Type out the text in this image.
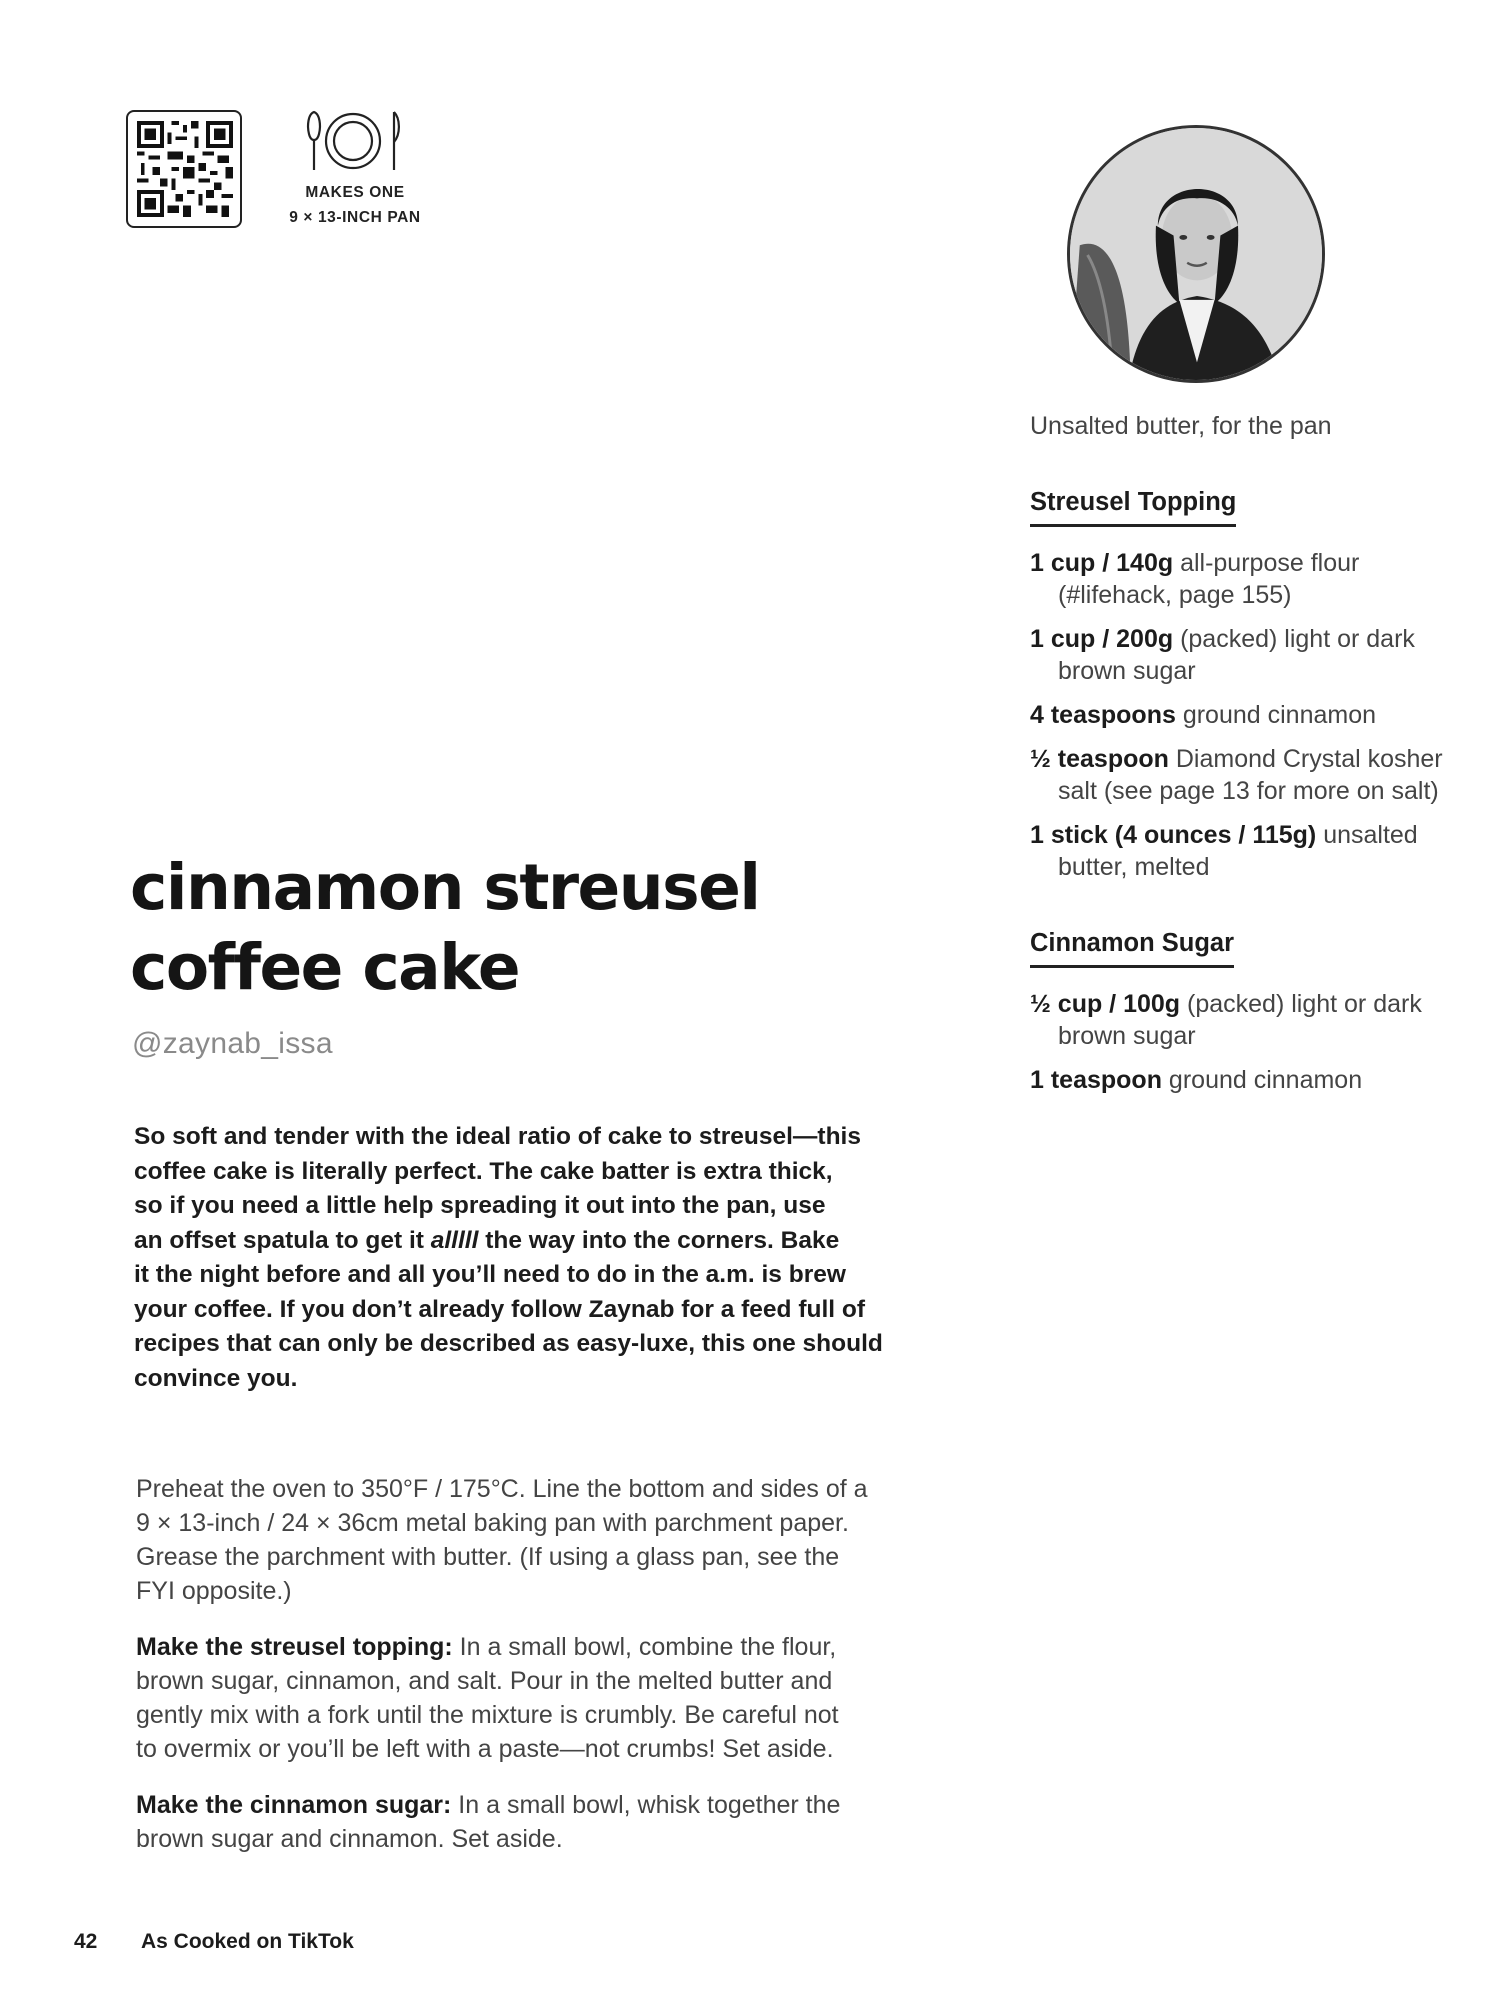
MAKES ONE
9 × 13-INCH PAN
Unsalted butter, for the pan
Streusel Topping
1 cup / 140g all-purpose flour (#lifehack, page 155)
1 cup / 200g (packed) light or dark brown sugar
4 teaspoons ground cinnamon
½ teaspoon Diamond Crystal kosher salt (see page 13 for more on salt)
1 stick (4 ounces / 115g) unsalted butter, melted
Cinnamon Sugar
½ cup / 100g (packed) light or dark brown sugar
1 teaspoon ground cinnamon
cinnamon streusel
coffee cake
@zaynab_issa
So soft and tender with the ideal ratio of cake to streusel—this
coffee cake is literally perfect. The cake batter is extra thick,
so if you need a little help spreading it out into the pan, use
an offset spatula to get it alllll the way into the corners. Bake
it the night before and all you’ll need to do in the a.m. is brew
your coffee. If you don’t already follow Zaynab for a feed full of
recipes that can only be described as easy-luxe, this one should
convince you.

Preheat the oven to 350°F / 175°C. Line the bottom and sides of a
9 × 13-inch / 24 × 36cm metal baking pan with parchment paper.
Grease the parchment with butter. (If using a glass pan, see the
FYI opposite.)

Make the streusel topping: In a small bowl, combine the flour,
brown sugar, cinnamon, and salt. Pour in the melted butter and
gently mix with a fork until the mixture is crumbly. Be careful not
to overmix or you’ll be left with a paste—not crumbs! Set aside.

Make the cinnamon sugar: In a small bowl, whisk together the
brown sugar and cinnamon. Set aside.

42 As Cooked on TikTok
